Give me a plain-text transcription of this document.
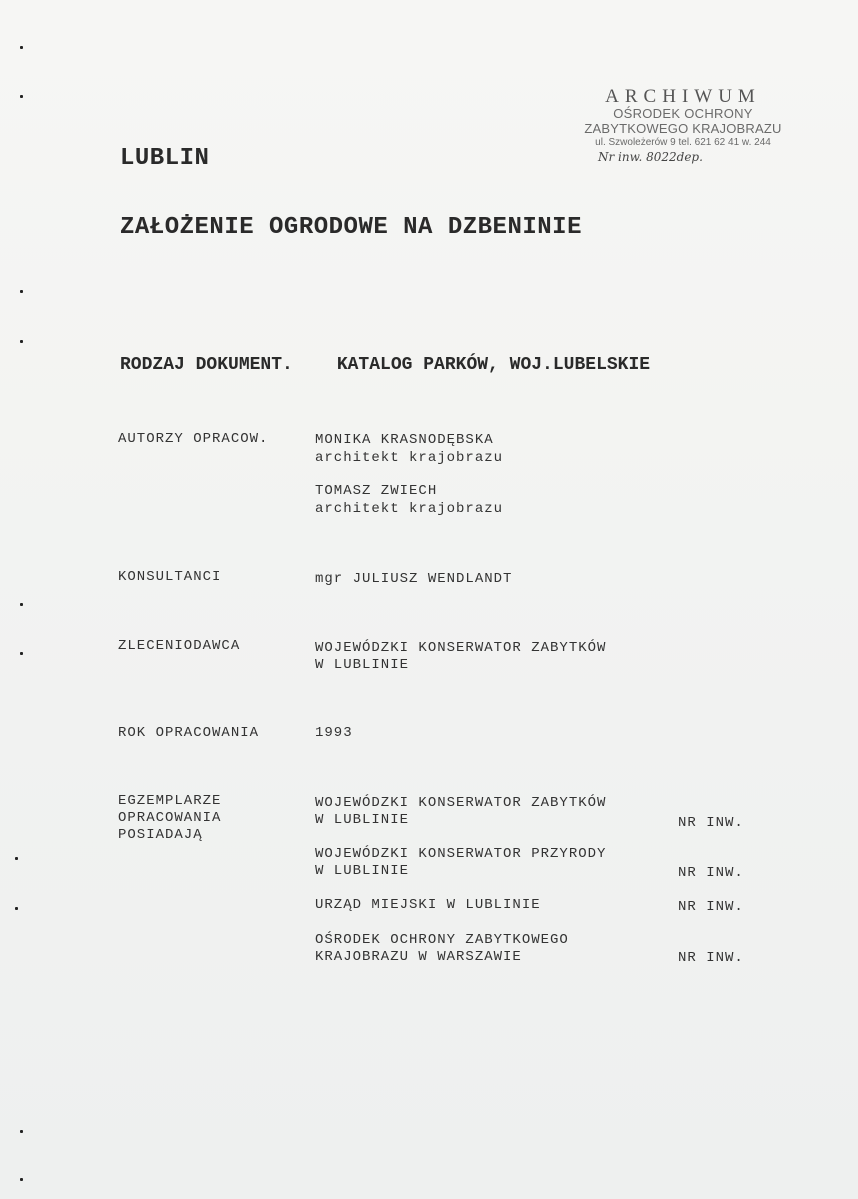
ARCHIWUM
OŚRODEK OCHRONY
ZABYTKOWEGO KRAJOBRAZU
ul. Szwoleżerów 9 tel. 621 62 41 w. 244
Nr inw. 8022dep.
LUBLIN
ZAŁOŻENIE OGRODOWE NA DZBENINIE
RODZAJ DOKUMENT. KATALOG PARKÓW, WOJ.LUBELSKIE
AUTORZY OPRACOW.	MONIKA KRASNODĘBSKA
architekt krajobrazu
TOMASZ ZWIECH
architekt krajobrazu
KONSULTANCI	mgr JULIUSZ WENDLANDT
ZLECENIODAWCA	WOJEWÓDZKI KONSERWATOR ZABYTKÓW
W LUBLINIE
ROK OPRACOWANIA	1993
EGZEMPLARZE
OPRACOWANIA
POSIADAJĄ
WOJEWÓDZKI KONSERWATOR ZABYTKÓW
W LUBLINIE	NR INW.
WOJEWÓDZKI KONSERWATOR PRZYRODY
W LUBLINIE	NR INW.
URZĄD MIEJSKI W LUBLINIE	NR INW.
OŚRODEK OCHRONY ZABYTKOWEGO
KRAJOBRAZU W WARSZAWIE	NR INW.
